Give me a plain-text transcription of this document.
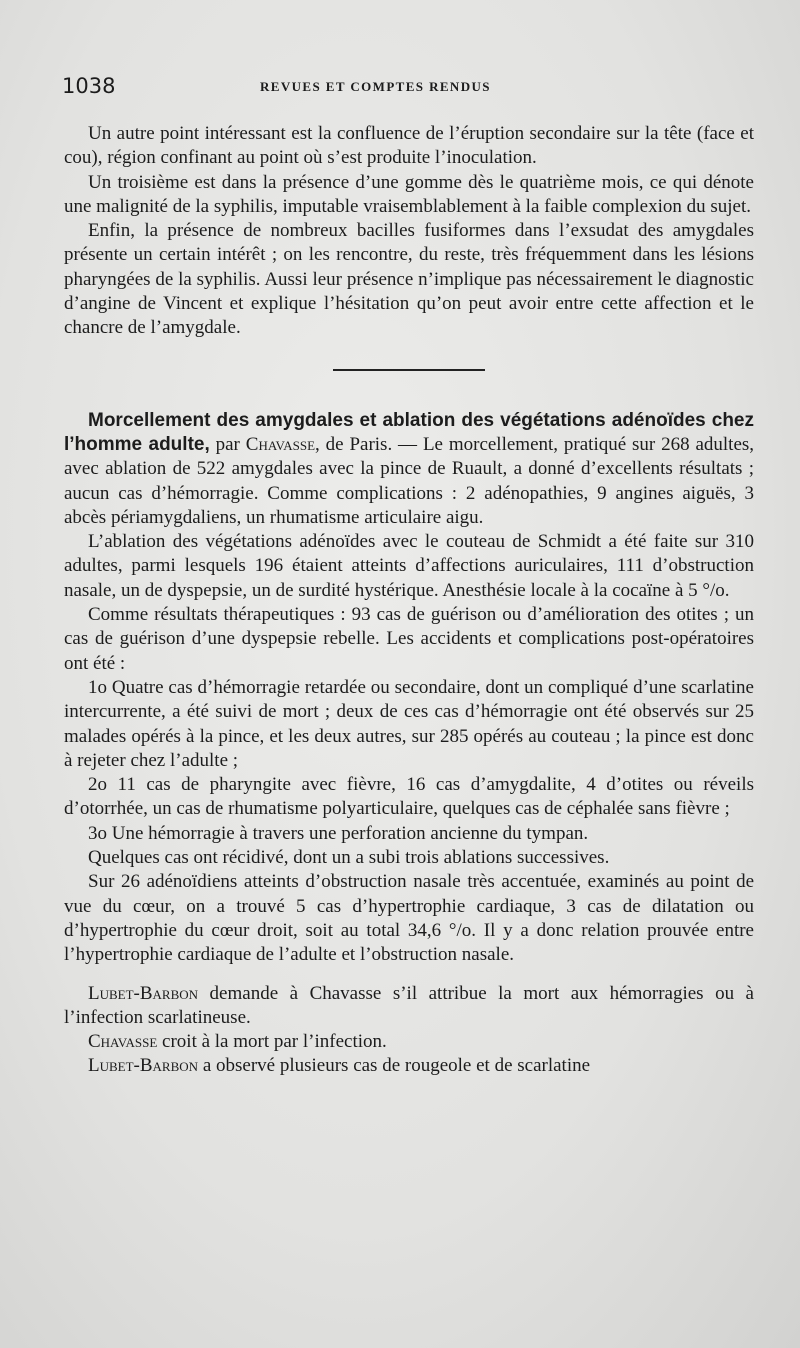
1038	REVUES ET COMPTES RENDUS

Un autre point intéressant est la confluence de l’éruption secondaire sur la tête (face et cou), région confinant au point où s’est produite l’inoculation.

Un troisième est dans la présence d’une gomme dès le quatrième mois, ce qui dénote une malignité de la syphilis, imputable vraisemblablement à la faible complexion du sujet.

Enfin, la présence de nombreux bacilles fusiformes dans l’exsudat des amygdales présente un certain intérêt ; on les rencontre, du reste, très fréquemment dans les lésions pharyngées de la syphilis. Aussi leur présence n’implique pas nécessairement le diagnostic d’angine de Vincent et explique l’hésitation qu’on peut avoir entre cette affection et le chancre de l’amygdale.

Morcellement des amygdales et ablation des végétations adénoïdes chez l’homme adulte, par Chavasse, de Paris. — Le morcellement, pratiqué sur 268 adultes, avec ablation de 522 amygdales avec la pince de Ruault, a donné d’excellents résultats ; aucun cas d’hémorragie. Comme complications : 2 adénopathies, 9 angines aiguës, 3 abcès périamygdaliens, un rhumatisme articulaire aigu.

L’ablation des végétations adénoïdes avec le couteau de Schmidt a été faite sur 310 adultes, parmi lesquels 196 étaient atteints d’affections auriculaires, 111 d’obstruction nasale, un de dyspepsie, un de surdité hystérique. Anesthésie locale à la cocaïne à 5 °/o.

Comme résultats thérapeutiques : 93 cas de guérison ou d’amélioration des otites ; un cas de guérison d’une dyspepsie rebelle. Les accidents et complications post-opératoires ont été :

1o Quatre cas d’hémorragie retardée ou secondaire, dont un compliqué d’une scarlatine intercurrente, a été suivi de mort ; deux de ces cas d’hémorragie ont été observés sur 25 malades opérés à la pince, et les deux autres, sur 285 opérés au couteau ; la pince est donc à rejeter chez l’adulte ;

2o 11 cas de pharyngite avec fièvre, 16 cas d’amygdalite, 4 d’otites ou réveils d’otorrhée, un cas de rhumatisme polyarticulaire, quelques cas de céphalée sans fièvre ;

3o Une hémorragie à travers une perforation ancienne du tympan.

Quelques cas ont récidivé, dont un a subi trois ablations successives.

Sur 26 adénoïdiens atteints d’obstruction nasale très accentuée, examinés au point de vue du cœur, on a trouvé 5 cas d’hypertrophie cardiaque, 3 cas de dilatation ou d’hypertrophie du cœur droit, soit au total 34,6 °/o. Il y a donc relation prouvée entre l’hypertrophie cardiaque de l’adulte et l’obstruction nasale.

Lubet-Barbon demande à Chavasse s’il attribue la mort aux hémorragies ou à l’infection scarlatineuse.

Chavasse croit à la mort par l’infection.

Lubet-Barbon a observé plusieurs cas de rougeole et de scarlatine
